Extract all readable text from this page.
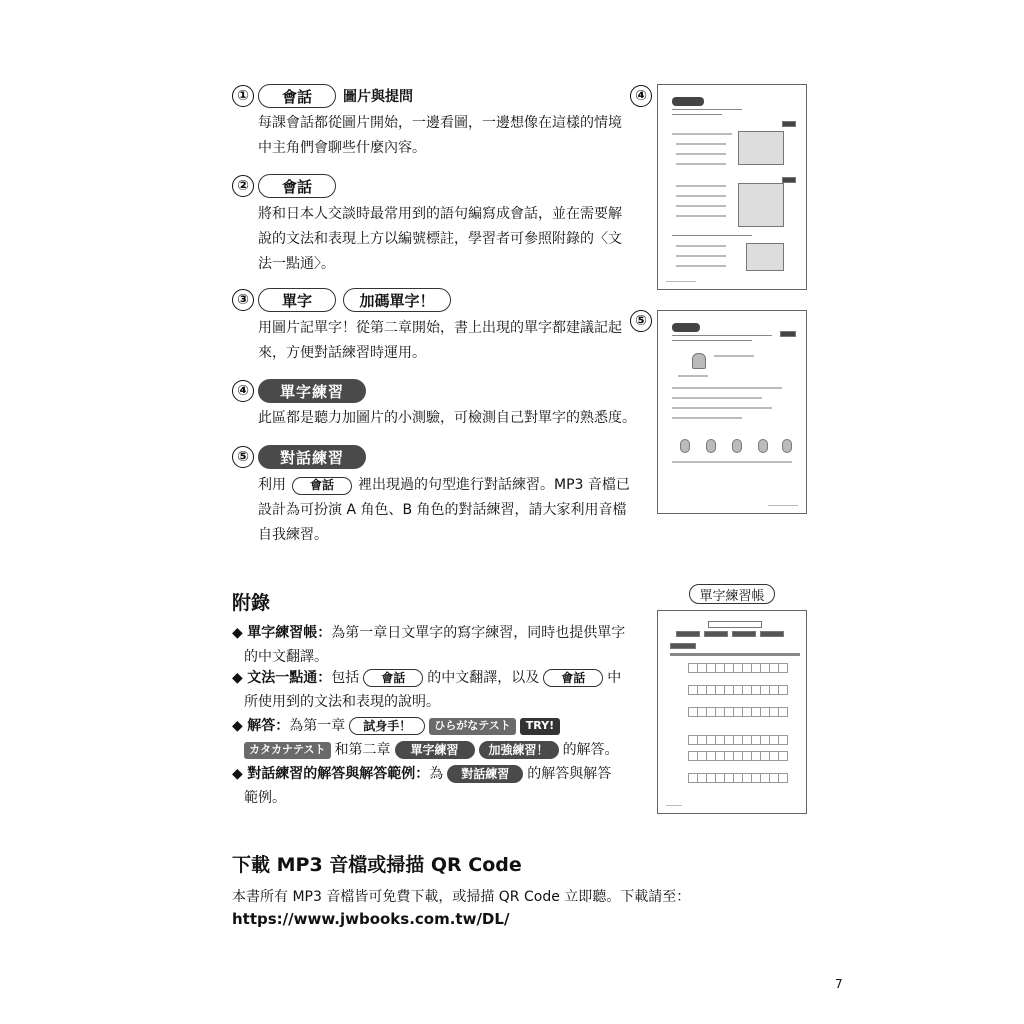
①	會話	圖片與提問
每課會話都從圖片開始，一邊看圖，一邊想像在這樣的情境
中主角們會聊些什麼內容。
②	會話
將和日本人交談時最常用到的語句編寫成會話，並在需要解
說的文法和表現上方以編號標註，學習者可參照附錄的〈文
法一點通〉。
③	單字	加碼單字！
用圖片記單字！從第二章開始，書上出現的單字都建議記起
來，方便對話練習時運用。
④	單字練習
此區都是聽力加圖片的小測驗，可檢測自己對單字的熟悉度。
⑤	對話練習
利用	會話	裡出現過的句型進行對話練習。MP3 音檔已
設計為可扮演 A 角色、B 角色的對話練習，請大家利用音檔
自我練習。
④
⑤
單字練習帳
附錄
◆ 單字練習帳：為第一章日文單字的寫字練習，同時也提供單字
的中文翻譯。
◆ 文法一點通： 包括	會話	的中文翻譯，以及	會話	中
所使用到的文法和表現的說明。
◆ 解答： 為第一章	試身手！	ひらがなテスト	TRY!
カタカナテスト 和第二章	單字練習	加強練習！	的解答。
◆ 對話練習的解答與解答範例： 為	對話練習	的解答與解答
範例。
下載 MP3 音檔或掃描 QR Code
本書所有 MP3 音檔皆可免費下載，或掃描 QR Code 立即聽。下載請至：
https://www.jwbooks.com.tw/DL/
7
